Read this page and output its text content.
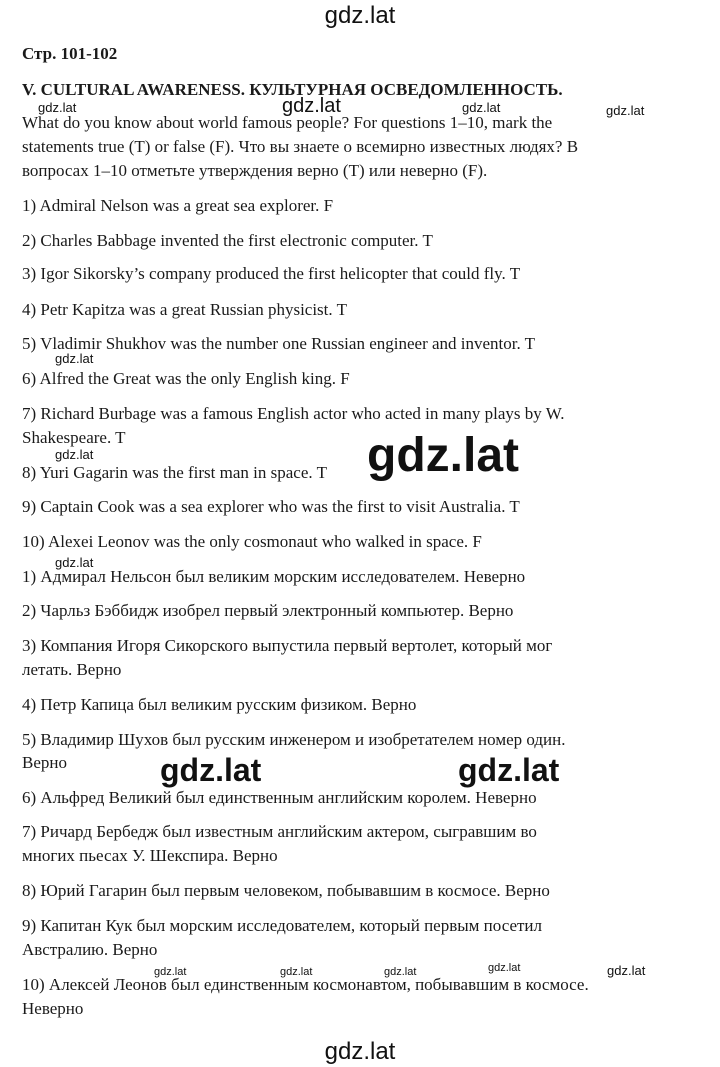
gdz.lat
gdz.lat
gdz.lat	gdz.lat	gdz.lat	gdz.lat
gdz.lat
gdz.lat
gdz.lat
gdz.lat
gdz.lat	gdz.lat
gdz.lat	gdz.lat	gdz.lat	gdz.lat	gdz.lat
Стр. 101-102
V. CULTURAL AWARENESS. КУЛЬТУРНАЯ ОСВЕДОМЛЕННОСТЬ.
What do you know about world famous people? For questions 1–10, mark the
statements true (T) or false (F). Что вы знаете о всемирно известных людях? В
вопросах 1–10 отметьте утверждения верно (T) или неверно (F).
1) Admiral Nelson was a great sea explorer. F
2) Charles Babbage invented the first electronic computer. T
3) Igor Sikorsky’s company produced the first helicopter that could fly. T
4) Petr Kapitza was a great Russian physicist. T
5) Vladimir Shukhov was the number one Russian engineer and inventor. T
6) Alfred the Great was the only English king. F
7) Richard Burbage was a famous English actor who acted in many plays by W.
Shakespeare. T
8) Yuri Gagarin was the first man in space. T
9) Captain Cook was a sea explorer who was the first to visit Australia. T
10) Alexei Leonov was the only cosmonaut who walked in space. F
1) Адмирал Нельсон был великим морским исследователем. Неверно
2) Чарльз Бэббидж изобрел первый электронный компьютер. Верно
3) Компания Игоря Сикорского выпустила первый вертолет, который мог
летать. Верно
4) Петр Капица был великим русским физиком. Верно
5) Владимир Шухов был русским инженером и изобретателем номер один.
Верно
6) Альфред Великий был единственным английским королем. Неверно
7) Ричард Бербедж был известным английским актером, сыгравшим во
многих пьесах У. Шекспира. Верно
8) Юрий Гагарин был первым человеком, побывавшим в космосе. Верно
9) Капитан Кук был морским исследователем, который первым посетил
Австралию. Верно
10) Алексей Леонов был единственным космонавтом, побывавшим в космосе.
Неверно
